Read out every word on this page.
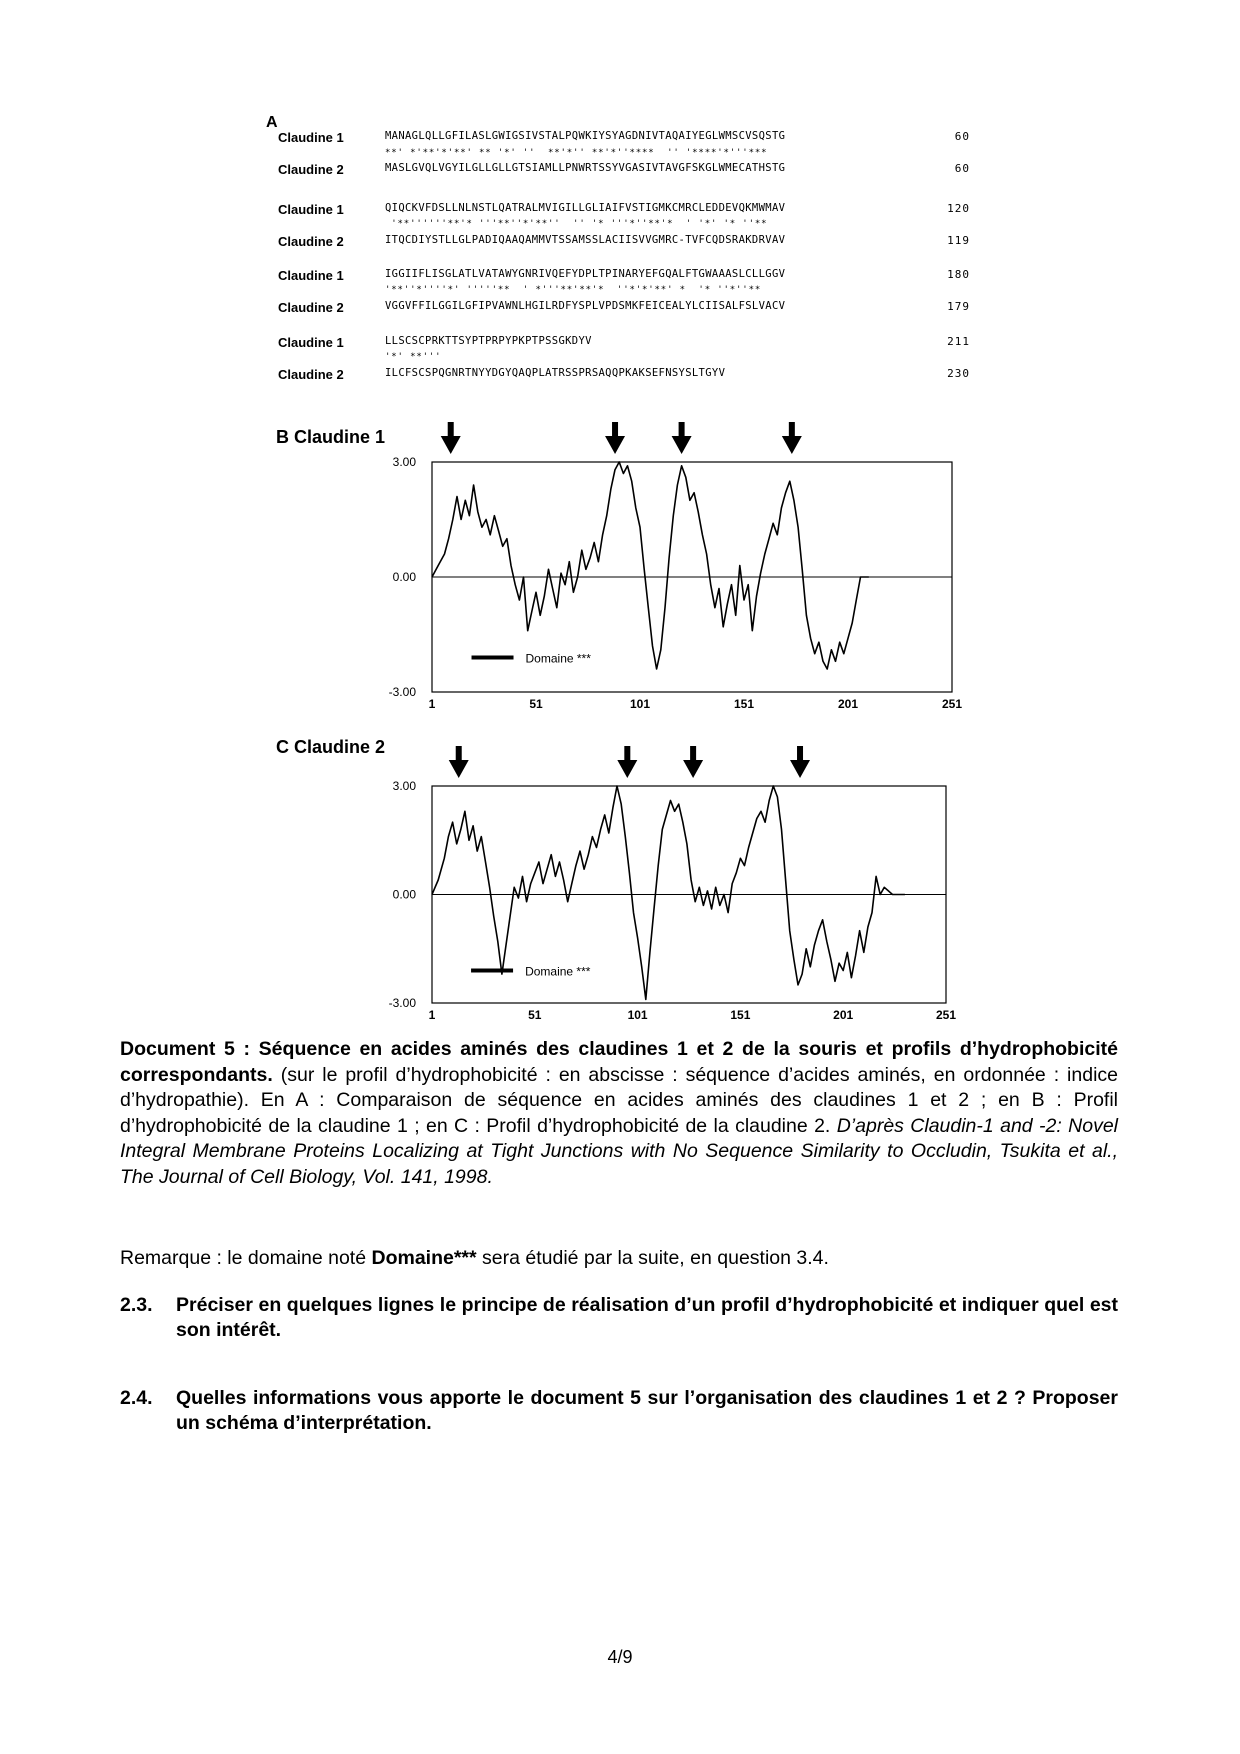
A
Claudine 1	MANAGLQLLGFILASLGWIGSIVSTALPQWKIYSYAGDNIVTAQAIYEGLWMSCVSQSTG	60
**' *'**'*'**' ** '*' ''  **'*'' **'*''****  '' '****'*'''***
Claudine 2	MASLGVQLVGYILGLLGLLGTSIAMLLPNWRTSSYVGASIVTAVGFSKGLWMECATHSTG	60
Claudine 1	QIQCKVFDSLLNLNSTLQATRALMVIGILLGLIAIFVSTIGMKCMRCLEDDEVQKMWMAV	120
'**''''''**'* '''**''*'**''  '' '* '''*''**'*  ' '*' '* ''**
Claudine 2	ITQCDIYSTLLGLPADIQAAQAMMVTSSAMSSLACIISVVGMRC-TVFCQDSRAKDRVAV	119
Claudine 1	IGGIIFLISGLATLVATAWYGNRIVQEFYDPLTPINARYEFGQALFTGWAAASLCLLGGV	180
'**''*''''*' '''''**  ' *'''**'**'*  ''*'*'**' *  '* ''*''**
Claudine 2	VGGVFFILGGILGFIPVAWNLHGILRDFYSPLVPDSMKFEICEALYLCIISALFSLVACV	179
Claudine 1	LLSCSCPRKTTSYPTPRPYPKPTPSSGKDYV	211
'*' **'''
Claudine 2	ILCFSCSPQGNRTNYYDGYQAQPLATRSSPRSAQQPKAKSEFNSYSLTGYV	230
B Claudine 1
3.00
0.00
-3.00
1	51	101	151	201	251
Domaine ***
C Claudine 2
3.00
0.00
-3.00
1	51	101	151	201	251
Domaine ***
Document 5 : Séquence en acides aminés des claudines 1 et 2 de la souris et profils d’hydrophobicité correspondants. (sur le profil d’hydrophobicité : en abscisse : séquence d’acides aminés, en ordonnée : indice d’hydropathie). En A : Comparaison de séquence en acides aminés des claudines 1 et 2 ; en B : Profil d’hydrophobicité de la claudine 1 ; en C : Profil d’hydrophobicité de la claudine 2. D’après Claudin-1 and -2: Novel Integral Membrane Proteins Localizing at Tight Junctions with No Sequence Similarity to Occludin, Tsukita et al., The Journal of Cell Biology, Vol. 141, 1998.
Remarque : le domaine noté Domaine*** sera étudié par la suite, en question 3.4.
2.3. Préciser en quelques lignes le principe de réalisation d’un profil d’hydrophobicité et indiquer quel est son intérêt.
2.4. Quelles informations vous apporte le document 5 sur l’organisation des claudines 1 et 2 ? Proposer un schéma d’interprétation.
4/9
